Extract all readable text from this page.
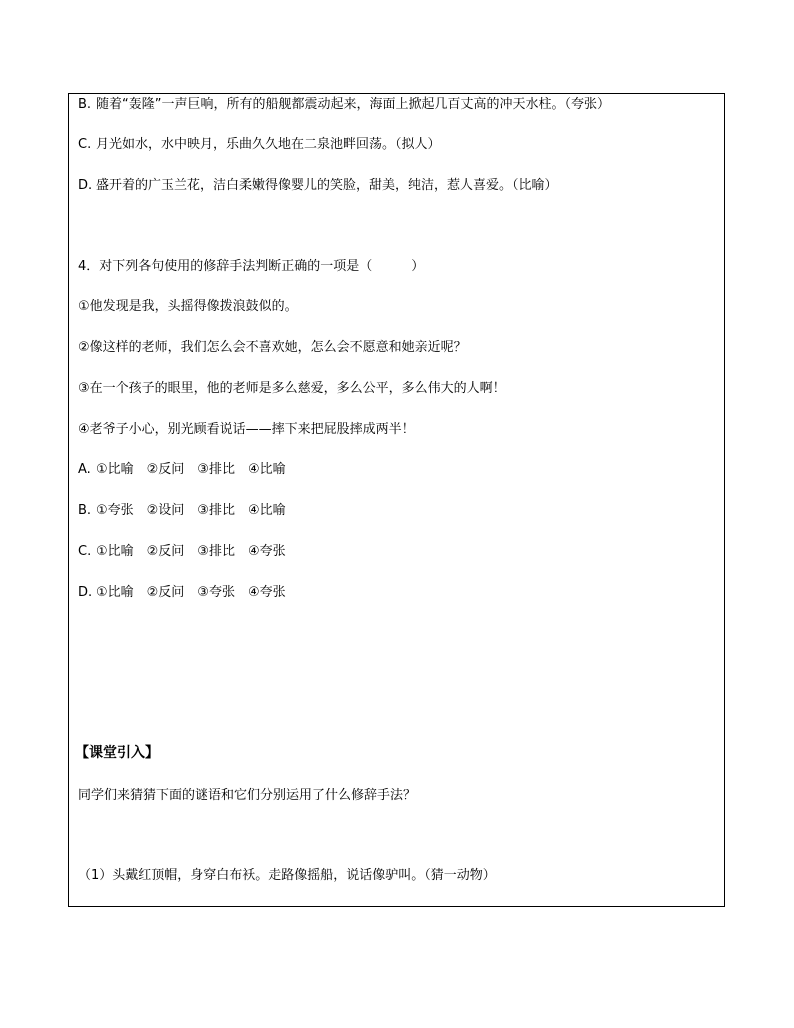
B. 随着“轰隆”一声巨响，所有的船舰都震动起来，海面上掀起几百丈高的冲天水柱。（夸张）
C. 月光如水，水中映月，乐曲久久地在二泉池畔回荡。（拟人）
D. 盛开着的广玉兰花，洁白柔嫩得像婴儿的笑脸，甜美，纯洁，惹人喜爱。（比喻）
4．对下列各句使用的修辞手法判断正确的一项是（　　　）
①他发现是我，头摇得像拨浪鼓似的。
②像这样的老师，我们怎么会不喜欢她，怎么会不愿意和她亲近呢？
③在一个孩子的眼里，他的老师是多么慈爱，多么公平，多么伟大的人啊！
④老爷子小心，别光顾看说话——摔下来把屁股摔成两半！
A. ①比喻　②反问　③排比　④比喻
B. ①夸张　②设问　③排比　④比喻
C. ①比喻　②反问　③排比　④夸张
D. ①比喻　②反问　③夸张　④夸张
【课堂引入】
同学们来猜猜下面的谜语和它们分别运用了什么修辞手法？
（1）头戴红顶帽，身穿白布袄。走路像摇船，说话像驴叫。（猜一动物）
